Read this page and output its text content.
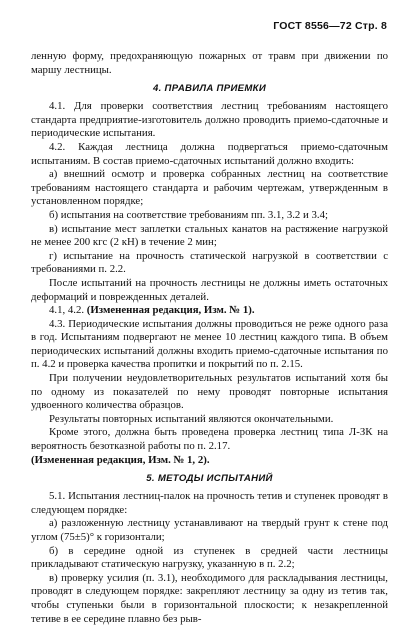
ГОСТ 8556—72 Стр. 8

ленную форму, предохраняющую пожарных от травм при движении по маршу лестницы.

4. ПРАВИЛА ПРИЕМКИ

4.1. Для проверки соответствия лестниц требованиям настоящего стандарта предприятие-изготовитель должно проводить приемо-сдаточные и периодические испытания.

4.2. Каждая лестница должна подвергаться приемо-сдаточным испытаниям. В состав приемо-сдаточных испытаний должно входить:

а) внешний осмотр и проверка собранных лестниц на соответствие требованиям настоящего стандарта и рабочим чертежам, утвержденным в установленном порядке;

б) испытания на соответствие требованиям пп. 3.1, 3.2 и 3.4;

в) испытание мест заплетки стальных канатов на растяжение нагрузкой не менее 200 кгс (2 кН) в течение 2 мин;

г) испытание на прочность статической нагрузкой в соответствии с требованиями п. 2.2.

После испытаний на прочность лестницы не должны иметь остаточных деформаций и поврежденных деталей.

4.1, 4.2. (Измененная редакция, Изм. № 1).

4.3. Периодические испытания должны проводиться не реже одного раза в год. Испытаниям подвергают не менее 10 лестниц каждого типа. В объем периодических испытаний должны входить приемо-сдаточные испытания по п. 4.2 и проверка качества пропитки и покрытий по п. 2.15.

При получении неудовлетворительных результатов испытаний хотя бы по одному из показателей по нему проводят повторные испытания удвоенного количества образцов.

Результаты повторных испытаний являются окончательными.

Кроме этого, должна быть проведена проверка лестниц типа Л-ЗК на вероятность безотказной работы по п. 2.17.

(Измененная редакция, Изм. № 1, 2).

5. МЕТОДЫ ИСПЫТАНИЙ

5.1. Испытания лестниц-палок на прочность тетив и ступенек проводят в следующем порядке:

а) разложенную лестницу устанавливают на твердый грунт к стене под углом (75±5)° к горизонтали;

б) в середине одной из ступенек в средней части лестницы прикладывают статическую нагрузку, указанную в п. 2.2;

в) проверку усилия (п. 3.1), необходимого для раскладывания лестницы, проводят в следующем порядке: закрепляют лестницу за одну из тетив так, чтобы ступеньки были в горизонтальной плоскости; к незакрепленной тетиве в ее середине плавно без рыв-
